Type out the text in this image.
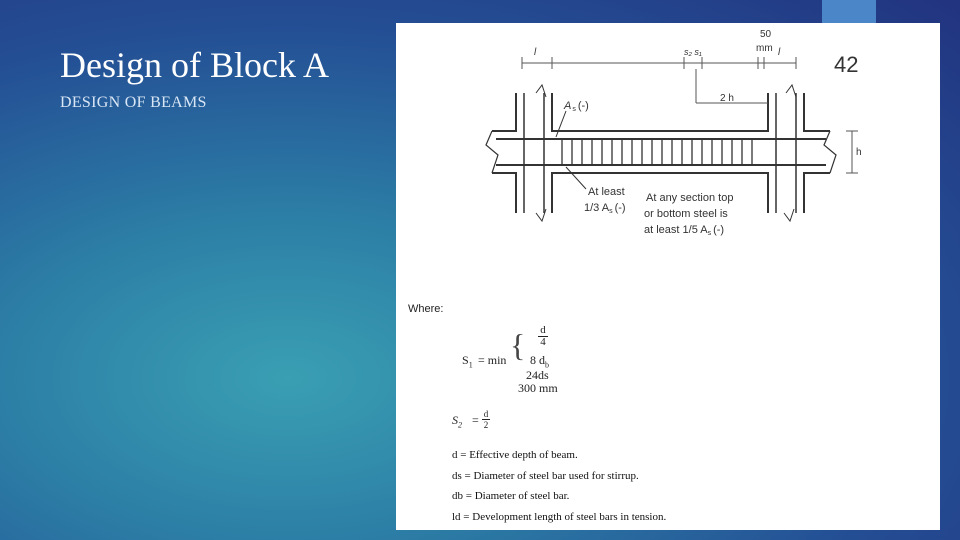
Design of Block A
DESIGN OF BEAMS
l	s₂ s₁
50
mm l
2 h
h
As (-)
At least
1/3 As (-)
At any section top
or bottom steel is
at least 1/5 As (-)
Where:
$S_1 = \min$ { d
4
8 $d_b$
24ds
300 mm
$S_2 = d$
2
d = Effective depth of beam.
ds = Diameter of steel bar used for stirrup.
db = Diameter of steel bar.
ld = Development length of steel bars in tension.
42
